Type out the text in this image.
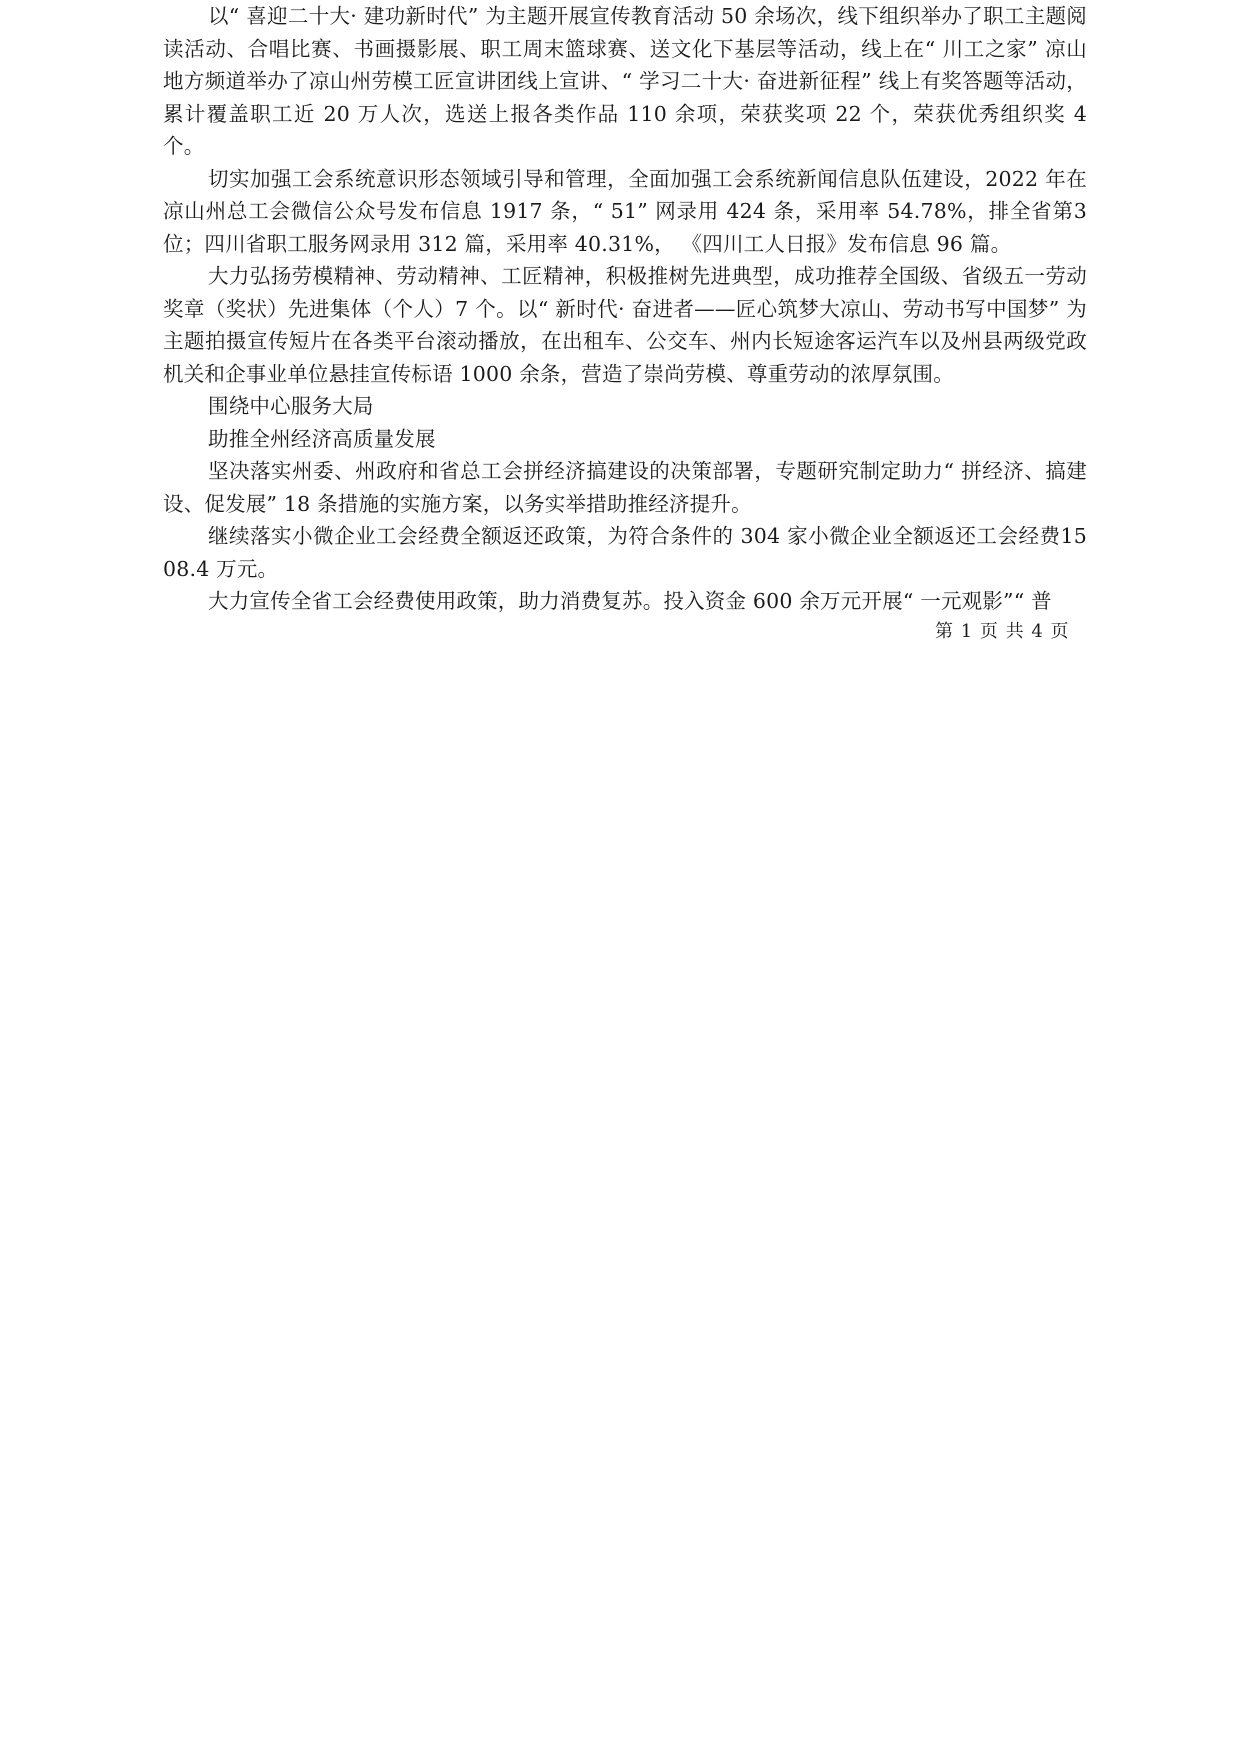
以“ 喜迎二十大· 建功新时代” 为主题开展宣传教育活动 50 余场次，线下组织举办了职工主题阅读活动、合唱比赛、书画摄影展、职工周末篮球赛、送文化下基层等活动，线上在“ 川工之家” 凉山地方频道举办了凉山州劳模工匠宣讲团线上宣讲、“ 学习二十大· 奋进新征程” 线上有奖答题等活动，累计覆盖职工近 20 万人次，选送上报各类作品 110 余项，荣获奖项 22 个，荣获优秀组织奖 4 个。

切实加强工会系统意识形态领域引导和管理，全面加强工会系统新闻信息队伍建设，2022 年在凉山州总工会微信公众号发布信息 1917 条，“ 51” 网录用 424 条，采用率 54.78%，排全省第3 位；四川省职工服务网录用 312 篇，采用率 40.31%， 《四川工人日报》发布信息 96 篇。

大力弘扬劳模精神、劳动精神、工匠精神，积极推树先进典型，成功推荐全国级、省级五一劳动奖章（奖状）先进集体（个人）7 个。以“ 新时代· 奋进者——匠心筑梦大凉山、劳动书写中国梦” 为主题拍摄宣传短片在各类平台滚动播放，在出租车、公交车、州内长短途客运汽车以及州县两级党政机关和企事业单位悬挂宣传标语 1000 余条，营造了崇尚劳模、尊重劳动的浓厚氛围。

围绕中心服务大局

助推全州经济高质量发展

坚决落实州委、州政府和省总工会拼经济搞建设的决策部署，专题研究制定助力“ 拼经济、搞建设、促发展” 18 条措施的实施方案，以务实举措助推经济提升。

继续落实小微企业工会经费全额返还政策，为符合条件的 304 家小微企业全额返还工会经费1508.4 万元。

大力宣传全省工会经费使用政策，助力消费复苏。投入资金 600 余万元开展“ 一元观影”“ 普

第 1 页 共 4 页
